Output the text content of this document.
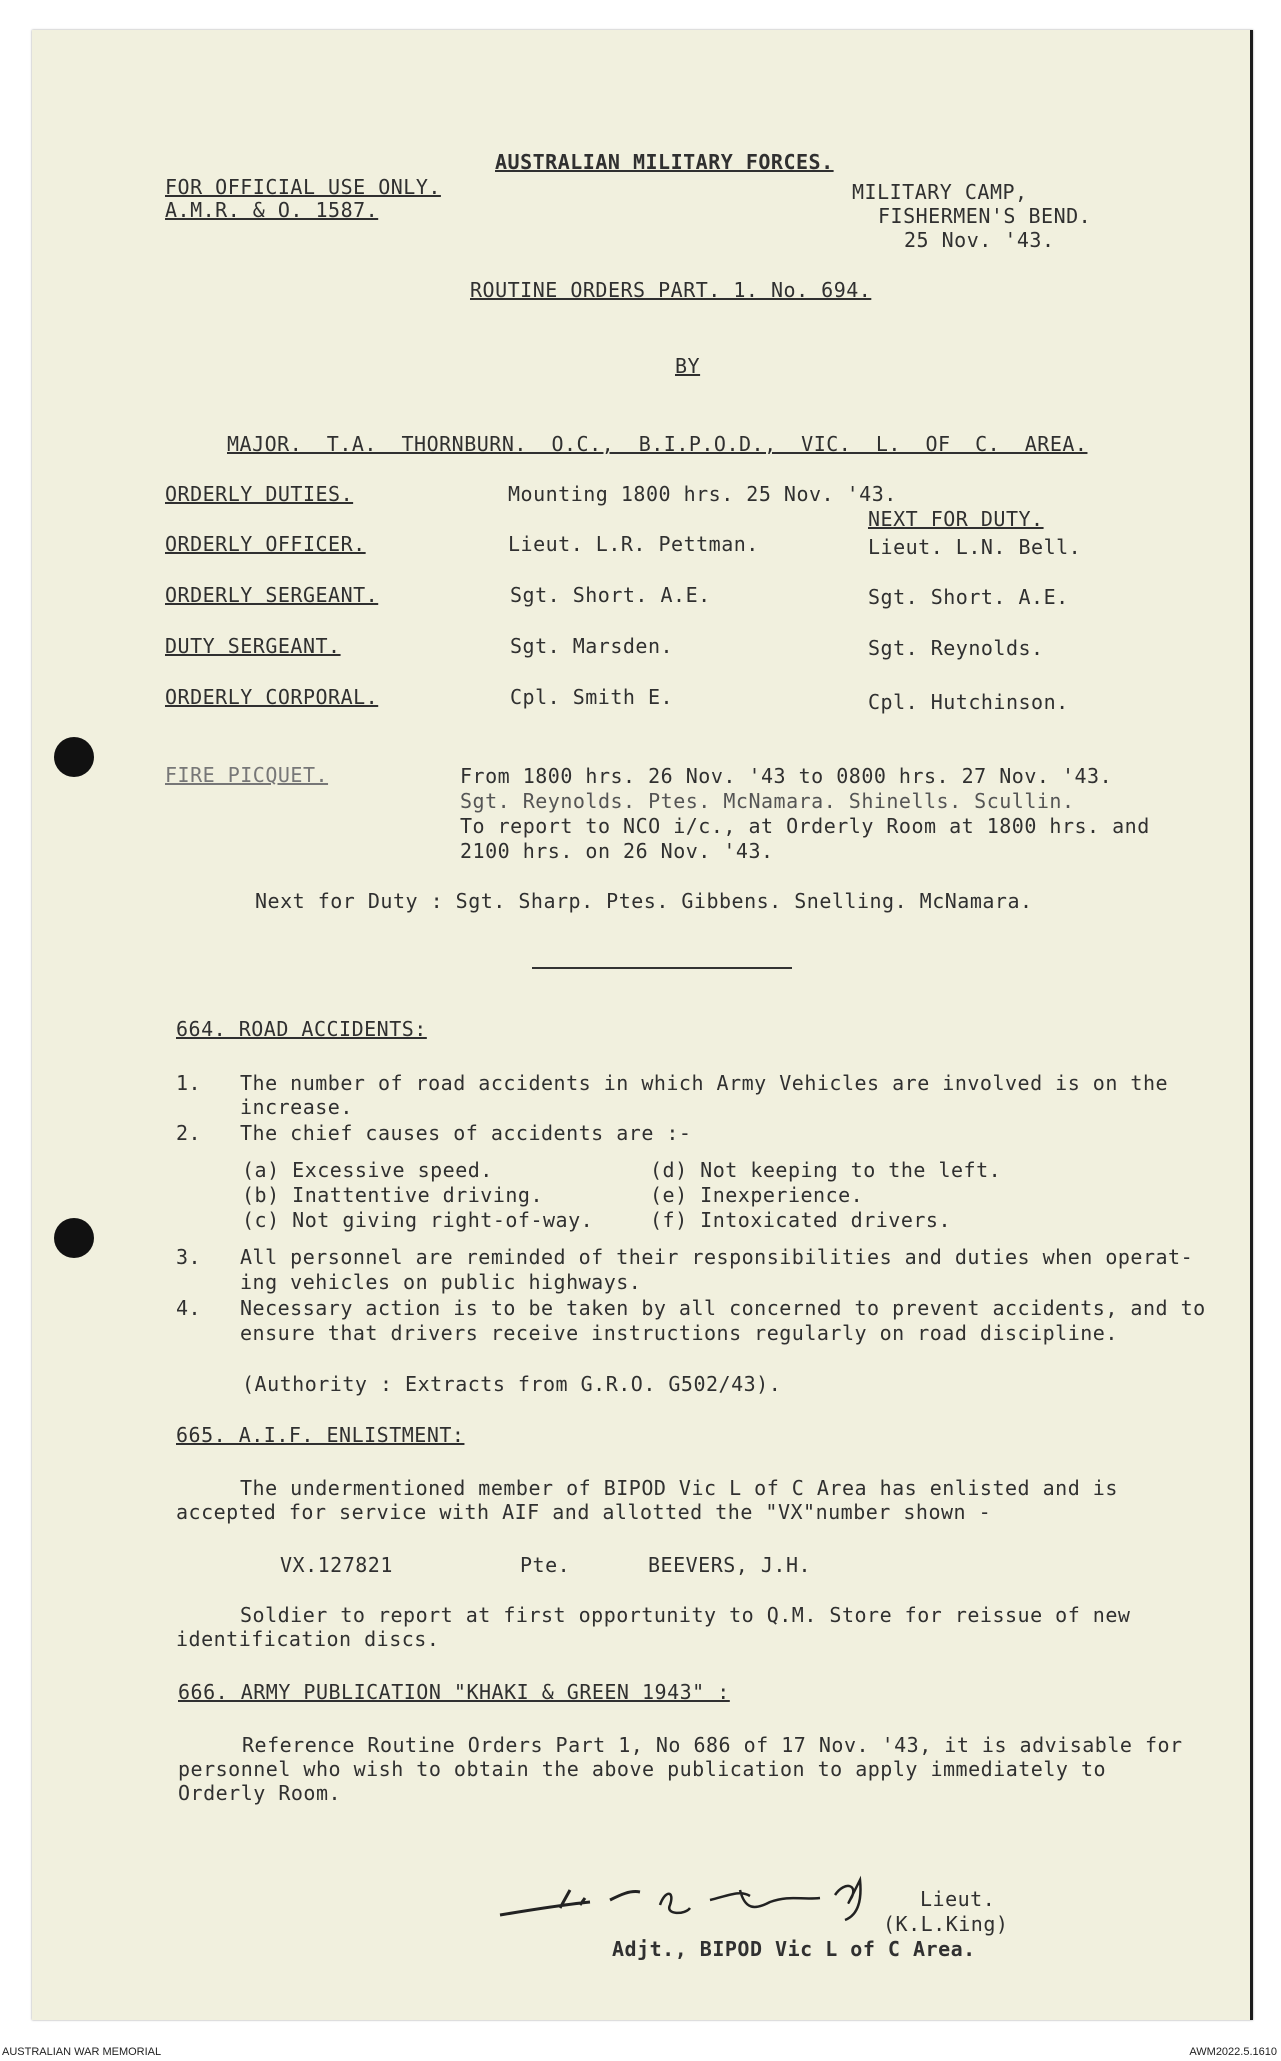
AUSTRALIAN MILITARY FORCES.
FOR OFFICIAL USE ONLY.
A.M.R. & O. 1587.
MILITARY CAMP,
FISHERMEN'S BEND.
25 Nov. '43.
ROUTINE ORDERS PART. 1. No. 694.
BY
MAJOR. T.A. THORNBURN. O.C., B.I.P.O.D., VIC. L. OF C. AREA.
ORDERLY DUTIES.	Mounting 1800 hrs. 25 Nov. '43.
NEXT FOR DUTY.
ORDERLY OFFICER.	Lieut. L.R. Pettman.	Lieut. L.N. Bell.
ORDERLY SERGEANT.	Sgt. Short. A.E.	Sgt. Short. A.E.
DUTY SERGEANT.	Sgt. Marsden.	Sgt. Reynolds.
ORDERLY CORPORAL.	Cpl. Smith E.	Cpl. Hutchinson.
FIRE PICQUET.	From 1800 hrs. 26 Nov. '43 to 0800 hrs. 27 Nov. '43.
Sgt. Reynolds. Ptes. McNamara. Shinells. Scullin.
To report to NCO i/c., at Orderly Room at 1800 hrs. and
2100 hrs. on 26 Nov. '43.
Next for Duty : Sgt. Sharp. Ptes. Gibbens. Snelling. McNamara.
664. ROAD ACCIDENTS:
1. The number of road accidents in which Army Vehicles are involved is on the
increase.
2. The chief causes of accidents are :-
(a) Excessive speed.
(b) Inattentive driving.
(c) Not giving right-of-way.
(d) Not keeping to the left.
(e) Inexperience.
(f) Intoxicated drivers.
3. All personnel are reminded of their responsibilities and duties when operat-
ing vehicles on public highways.
4. Necessary action is to be taken by all concerned to prevent accidents, and to
ensure that drivers receive instructions regularly on road discipline.
(Authority : Extracts from G.R.O. G502/43).
665. A.I.F. ENLISTMENT:
The undermentioned member of BIPOD Vic L of C Area has enlisted and is
accepted for service with AIF and allotted the "VX"number shown -
VX.127821	Pte.	BEEVERS, J.H.
Soldier to report at first opportunity to Q.M. Store for reissue of new
identification discs.
666. ARMY PUBLICATION "KHAKI & GREEN 1943" :
Reference Routine Orders Part 1, No 686 of 17 Nov. '43, it is advisable for
personnel who wish to obtain the above publication to apply immediately to
Orderly Room.
Lieut.
(K.L.King)
Adjt., BIPOD Vic L of C Area.
AUSTRALIAN WAR MEMORIAL	AWM2022.5.1610
